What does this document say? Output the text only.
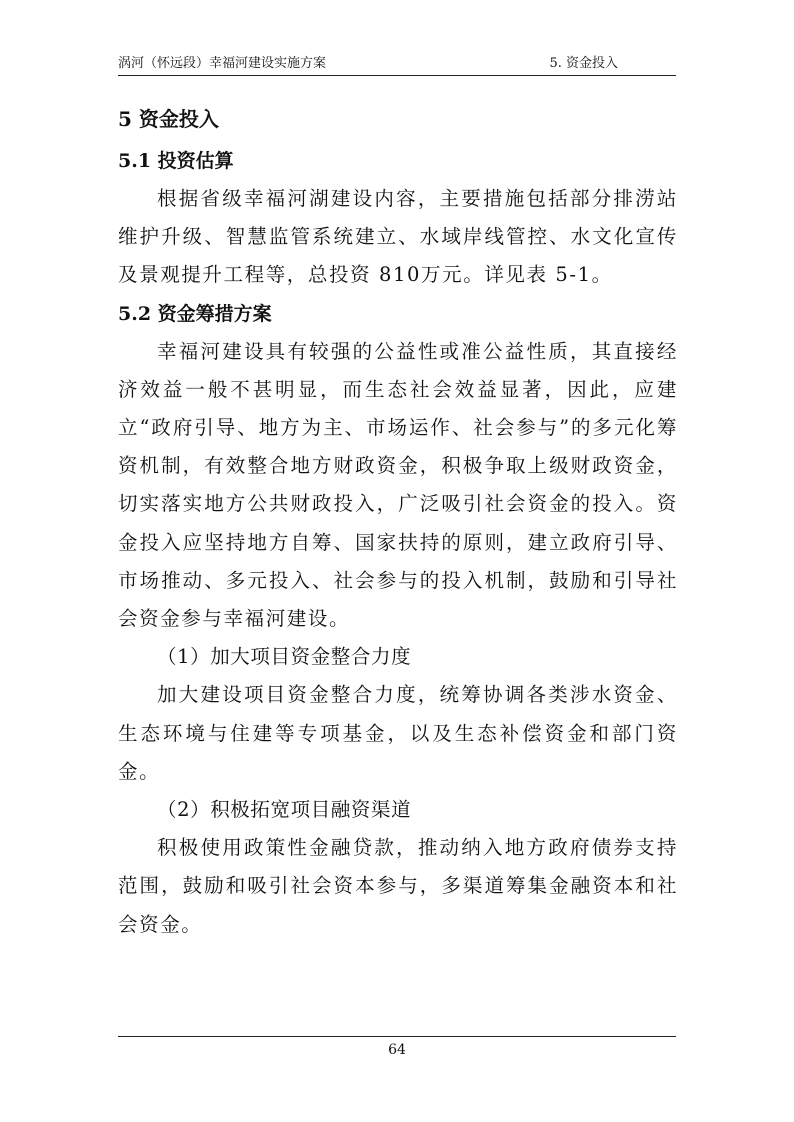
涡河（怀远段）幸福河建设实施方案	5. 资金投入
5 资金投入
5.1 投资估算

根据省级幸福河湖建设内容，主要措施包括部分排涝站维护升级、智慧监管系统建立、水域岸线管控、水文化宣传及景观提升工程等，总投资 810万元。详见表 5-1。

5.2 资金筹措方案

幸福河建设具有较强的公益性或准公益性质，其直接经济效益一般不甚明显，而生态社会效益显著，因此，应建立“政府引导、地方为主、市场运作、社会参与”的多元化筹资机制，有效整合地方财政资金，积极争取上级财政资金，切实落实地方公共财政投入，广泛吸引社会资金的投入。资金投入应坚持地方自筹、国家扶持的原则，建立政府引导、市场推动、多元投入、社会参与的投入机制，鼓励和引导社会资金参与幸福河建设。

（1）加大项目资金整合力度

加大建设项目资金整合力度，统筹协调各类涉水资金、生态环境与住建等专项基金，以及生态补偿资金和部门资金。

（2）积极拓宽项目融资渠道

积极使用政策性金融贷款，推动纳入地方政府债券支持范围，鼓励和吸引社会资本参与，多渠道筹集金融资本和社会资金。

64
